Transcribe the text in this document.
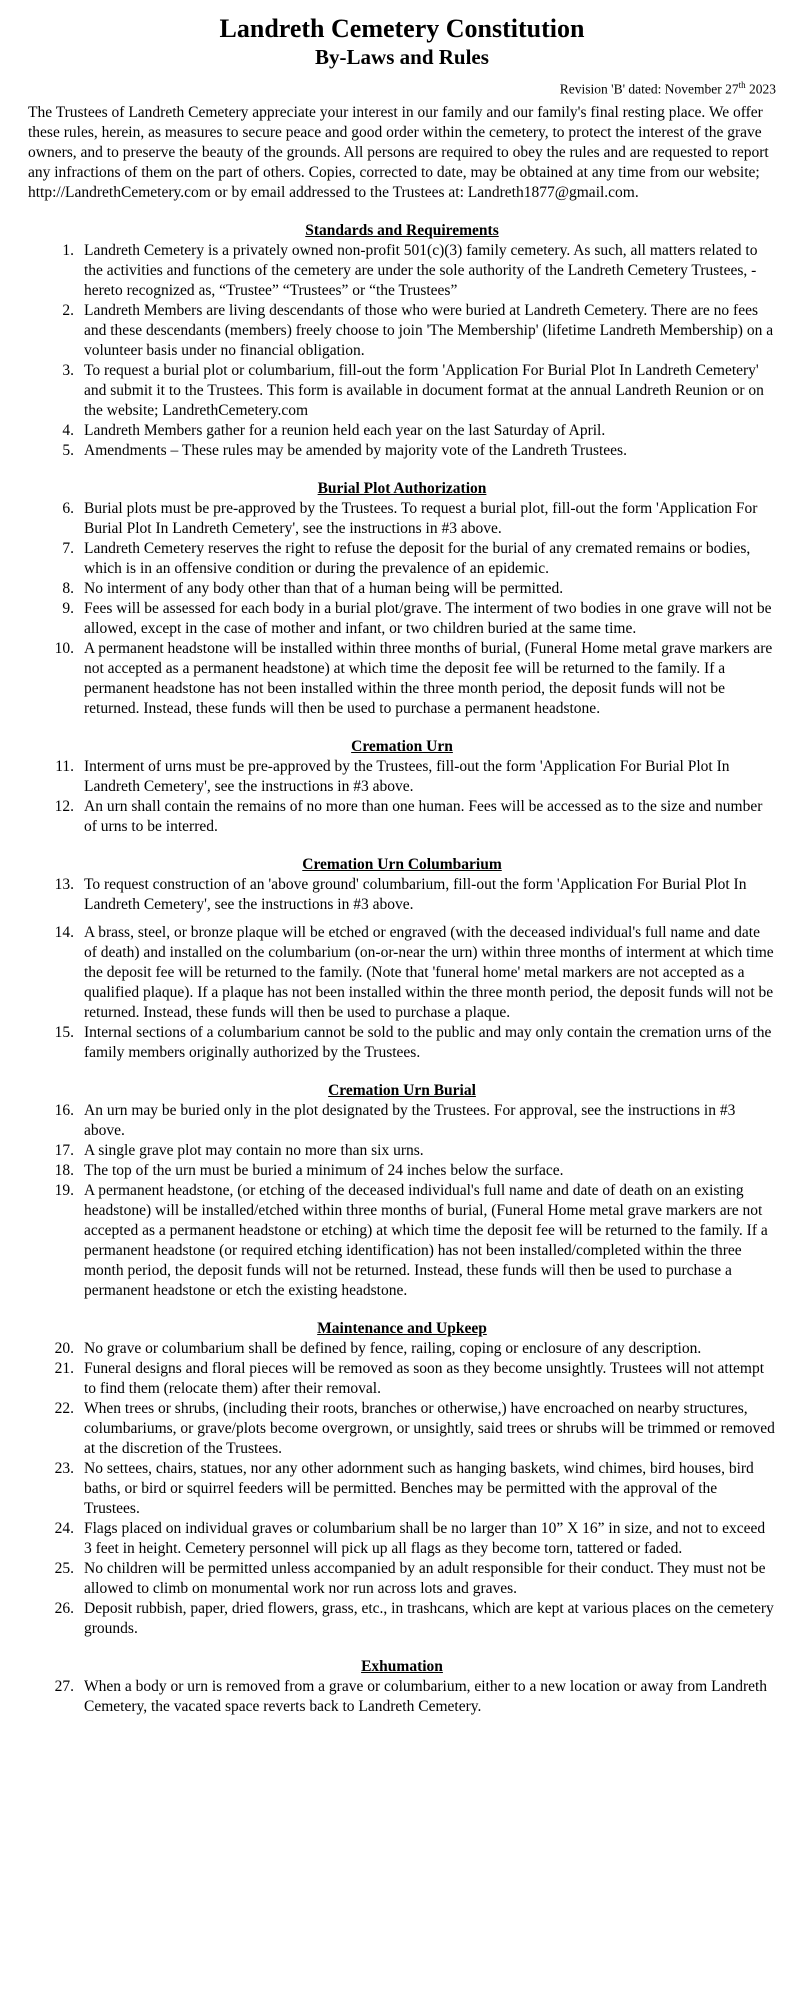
Landreth Cemetery Constitution
By-Laws and Rules
Revision 'B' dated: November 27th 2023

The Trustees of Landreth Cemetery appreciate your interest in our family and our family's final resting place. We offer these rules, herein, as measures to secure peace and good order within the cemetery, to protect the interest of the grave owners, and to preserve the beauty of the grounds. All persons are required to obey the rules and are requested to report any infractions of them on the part of others. Copies, corrected to date, may be obtained at any time from our website; http://LandrethCemetery.com or by email addressed to the Trustees at: Landreth1877@gmail.com.

Standards and Requirements
1. Landreth Cemetery is a privately owned non-profit 501(c)(3) family cemetery. As such, all matters related to the activities and functions of the cemetery are under the sole authority of the Landreth Cemetery Trustees, - hereto recognized as, “Trustee” “Trustees” or “the Trustees”
2. Landreth Members are living descendants of those who were buried at Landreth Cemetery. There are no fees and these descendants (members) freely choose to join 'The Membership' (lifetime Landreth Membership) on a volunteer basis under no financial obligation.
3. To request a burial plot or columbarium, fill-out the form 'Application For Burial Plot In Landreth Cemetery' and submit it to the Trustees. This form is available in document format at the annual Landreth Reunion or on the website; LandrethCemetery.com
4. Landreth Members gather for a reunion held each year on the last Saturday of April.
5. Amendments – These rules may be amended by majority vote of the Landreth Trustees.
Burial Plot Authorization
6. Burial plots must be pre-approved by the Trustees. To request a burial plot, fill-out the form 'Application For Burial Plot In Landreth Cemetery', see the instructions in #3 above.
7. Landreth Cemetery reserves the right to refuse the deposit for the burial of any cremated remains or bodies, which is in an offensive condition or during the prevalence of an epidemic.
8. No interment of any body other than that of a human being will be permitted.
9. Fees will be assessed for each body in a burial plot/grave. The interment of two bodies in one grave will not be allowed, except in the case of mother and infant, or two children buried at the same time.
10. A permanent headstone will be installed within three months of burial, (Funeral Home metal grave markers are not accepted as a permanent headstone) at which time the deposit fee will be returned to the family. If a permanent headstone has not been installed within the three month period, the deposit funds will not be returned. Instead, these funds will then be used to purchase a permanent headstone.
Cremation Urn
11. Interment of urns must be pre-approved by the Trustees, fill-out the form 'Application For Burial Plot In Landreth Cemetery', see the instructions in #3 above.
12. An urn shall contain the remains of no more than one human. Fees will be accessed as to the size and number of urns to be interred.
Cremation Urn Columbarium
13. To request construction of an 'above ground' columbarium, fill-out the form 'Application For Burial Plot In Landreth Cemetery', see the instructions in #3 above.
14. A brass, steel, or bronze plaque will be etched or engraved (with the deceased individual's full name and date of death) and installed on the columbarium (on-or-near the urn) within three months of interment at which time the deposit fee will be returned to the family. (Note that 'funeral home' metal markers are not accepted as a qualified plaque). If a plaque has not been installed within the three month period, the deposit funds will not be returned. Instead, these funds will then be used to purchase a plaque.
15. Internal sections of a columbarium cannot be sold to the public and may only contain the cremation urns of the family members originally authorized by the Trustees.
Cremation Urn Burial
16. An urn may be buried only in the plot designated by the Trustees. For approval, see the instructions in #3 above.
17. A single grave plot may contain no more than six urns.
18. The top of the urn must be buried a minimum of 24 inches below the surface.
19. A permanent headstone, (or etching of the deceased individual's full name and date of death on an existing headstone) will be installed/etched within three months of burial, (Funeral Home metal grave markers are not accepted as a permanent headstone or etching) at which time the deposit fee will be returned to the family. If a permanent headstone (or required etching identification) has not been installed/completed within the three month period, the deposit funds will not be returned. Instead, these funds will then be used to purchase a permanent headstone or etch the existing headstone.
Maintenance and Upkeep
20. No grave or columbarium shall be defined by fence, railing, coping or enclosure of any description.
21. Funeral designs and floral pieces will be removed as soon as they become unsightly. Trustees will not attempt to find them (relocate them) after their removal.
22. When trees or shrubs, (including their roots, branches or otherwise,) have encroached on nearby structures, columbariums, or grave/plots become overgrown, or unsightly, said trees or shrubs will be trimmed or removed at the discretion of the Trustees.
23. No settees, chairs, statues, nor any other adornment such as hanging baskets, wind chimes, bird houses, bird baths, or bird or squirrel feeders will be permitted. Benches may be permitted with the approval of the Trustees.
24. Flags placed on individual graves or columbarium shall be no larger than 10” X 16” in size, and not to exceed 3 feet in height. Cemetery personnel will pick up all flags as they become torn, tattered or faded.
25. No children will be permitted unless accompanied by an adult responsible for their conduct. They must not be allowed to climb on monumental work nor run across lots and graves.
26. Deposit rubbish, paper, dried flowers, grass, etc., in trashcans, which are kept at various places on the cemetery grounds.
Exhumation
27. When a body or urn is removed from a grave or columbarium, either to a new location or away from Landreth Cemetery, the vacated space reverts back to Landreth Cemetery.
